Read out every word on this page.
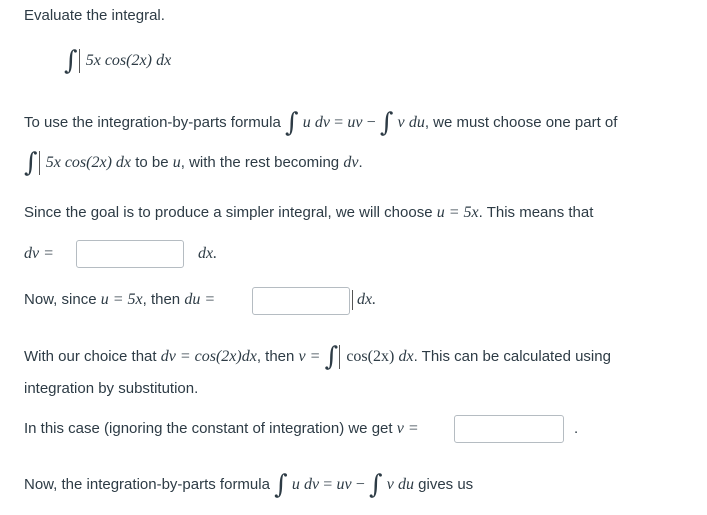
Evaluate the integral.
∫ 5x cos(2x) dx
To use the integration-by-parts formula ∫ u dv = uv − ∫ v du, we must choose one part of
∫ 5x cos(2x) dx to be u, with the rest becoming dv.
Since the goal is to produce a simpler integral, we will choose u = 5x. This means that
dv =	dx.
Now, since u = 5x, then du =	dx.
With our choice that dv = cos(2x)dx, then v = ∫ cos(2x) dx. This can be calculated using
integration by substitution.
In this case (ignoring the constant of integration) we get v =	.
Now, the integration-by-parts formula ∫ u dv = uv − ∫ v du gives us
